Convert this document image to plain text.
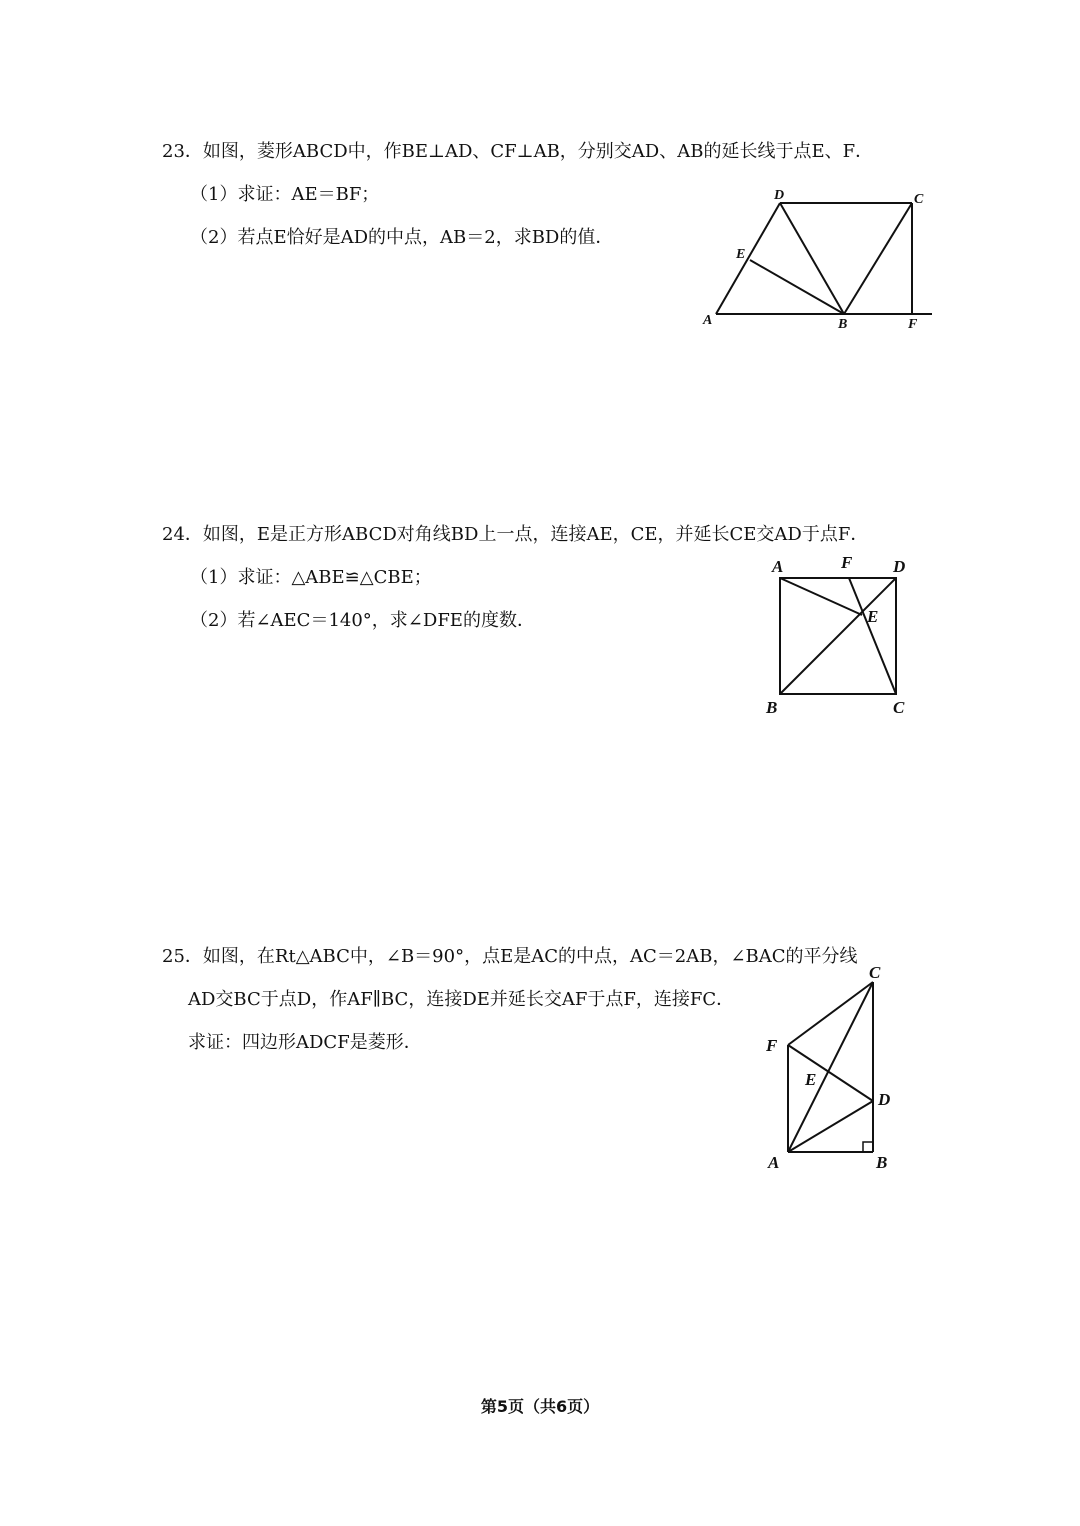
23．如图，菱形ABCD中，作BE⊥AD、CF⊥AB，分别交AD、AB的延长线于点E、F．
（1）求证：AE＝BF；
（2）若点E恰好是AD的中点，AB＝2，求BD的值．
D	C
E
A	B	F
A	F D
E
B	C
C
F
E
D
A	B
24．如图，E是正方形ABCD对角线BD上一点，连接AE，CE，并延长CE交AD于点F．
（1）求证：△ABE≌△CBE；
（2）若∠AEC＝140°，求∠DFE的度数．
25．如图，在Rt△ABC中，∠B＝90°，点E是AC的中点，AC＝2AB，∠BAC的平分线
AD交BC于点D，作AF∥BC，连接DE并延长交AF于点F，连接FC．
求证：四边形ADCF是菱形．
第5页（共6页）
